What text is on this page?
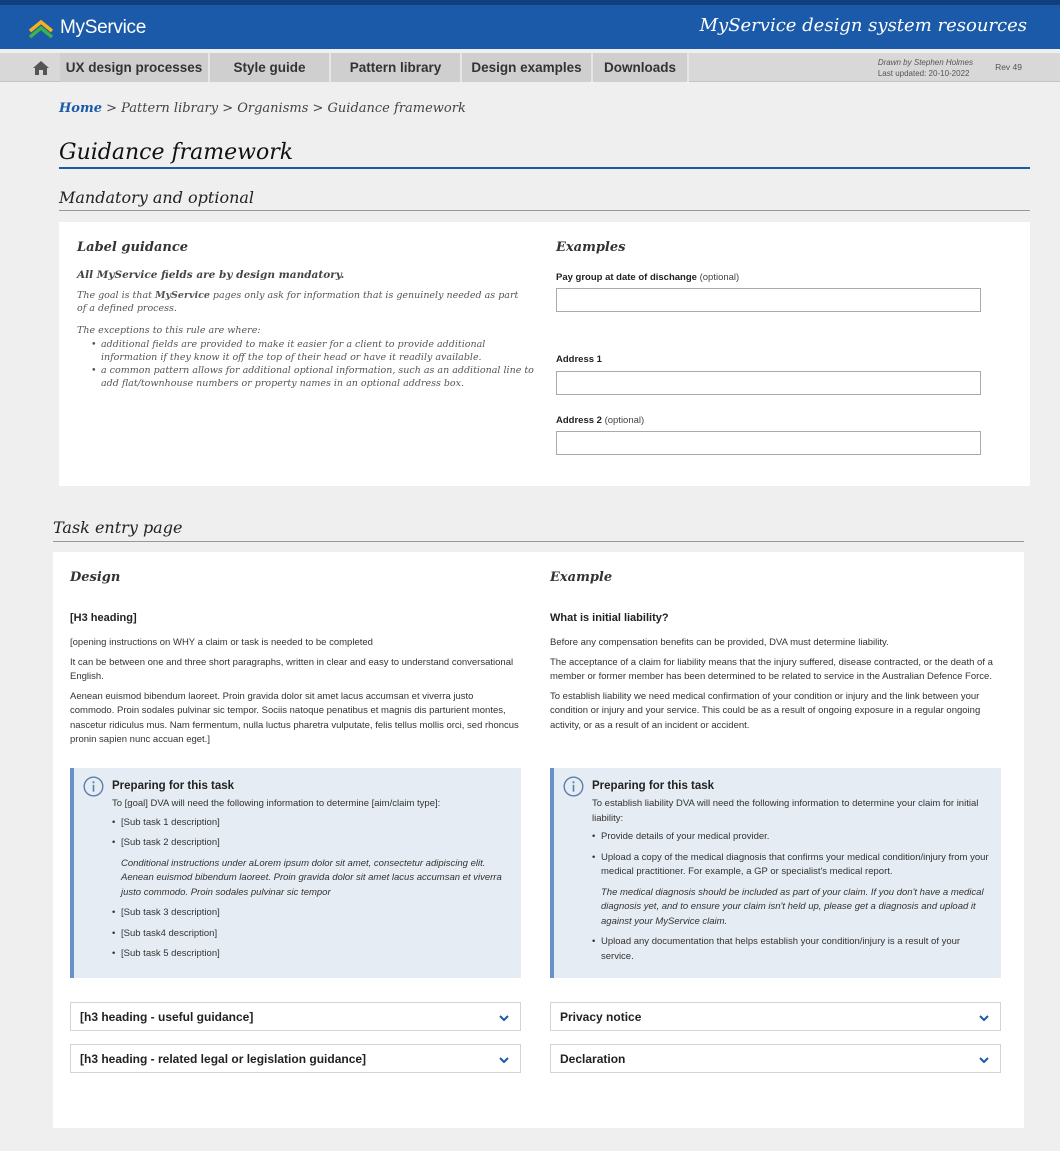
MyService	MyService design system resources
UX design processes	Style guide	Pattern library	Design examples	Downloads	Drawn by Stephen Holmes
Last updated: 20-10-2022
Rev 49
Home > Pattern library > Organisms > Guidance framework
Guidance framework
Mandatory and optional
Label guidance
All MyService fields are by design mandatory.
The goal is that MyService pages only ask for information that is genuinely needed as part of a defined process.
The exceptions to this rule are where:
• additional fields are provided to make it easier for a client to provide additional information if they know it off the top of their head or have it readily available.
• a common pattern allows for additional optional information, such as an additional line to add flat/townhouse numbers or property names in an optional address box.
Examples
Pay group at date of dischange (optional)
Address 1
Address 2 (optional)
Task entry page
Design
[H3 heading]

[opening instructions on WHY a claim or task is needed to be completed

It can be between one and three short paragraphs, written in clear and easy to understand conversational English.

Aenean euismod bibendum laoreet. Proin gravida dolor sit amet lacus accumsan et viverra justo commodo. Proin sodales pulvinar sic tempor. Sociis natoque penatibus et magnis dis parturient montes, nascetur ridiculus mus. Nam fermentum, nulla luctus pharetra vulputate, felis tellus mollis orci, sed rhoncus pronin sapien nunc accuan eget.]

Preparing for this task
To [goal] DVA will need the following information to determine [aim/claim type]:
• [Sub task 1 description]
• [Sub task 2 description]
Conditional instructions under aLorem ipsum dolor sit amet, consectetur adipiscing elit. Aenean euismod bibendum laoreet. Proin gravida dolor sit amet lacus accumsan et viverra justo commodo. Proin sodales pulvinar sic tempor
• [Sub task 3 description]
• [Sub task4 description]
• [Sub task 5 description]
[h3 heading - useful guidance]
[h3 heading - related legal or legislation guidance]
Example
What is initial liability?

Before any compensation benefits can be provided, DVA must determine liability.

The acceptance of a claim for liability means that the injury suffered, disease contracted, or the death of a member or former member has been determined to be related to service in the Australian Defence Force.

To establish liability we need medical confirmation of your condition or injury and the link between your condition or injury and your service. This could be as a result of ongoing exposure in a regular ongoing activity, or as a result of an incident or accident.

Preparing for this task
To establish liability DVA will need the following information to determine your claim for initial liability:
• Provide details of your medical provider.
• Upload a copy of the medical diagnosis that confirms your medical condition/injury from your medical practitioner. For example, a GP or specialist's medical report.
The medical diagnosis should be included as part of your claim. If you don't have a medical diagnosis yet, and to ensure your claim isn't held up, please get a diagnosis and upload it against your MyService claim.
• Upload any documentation that helps establish your condition/injury is a result of your service.
Privacy notice
Declaration
